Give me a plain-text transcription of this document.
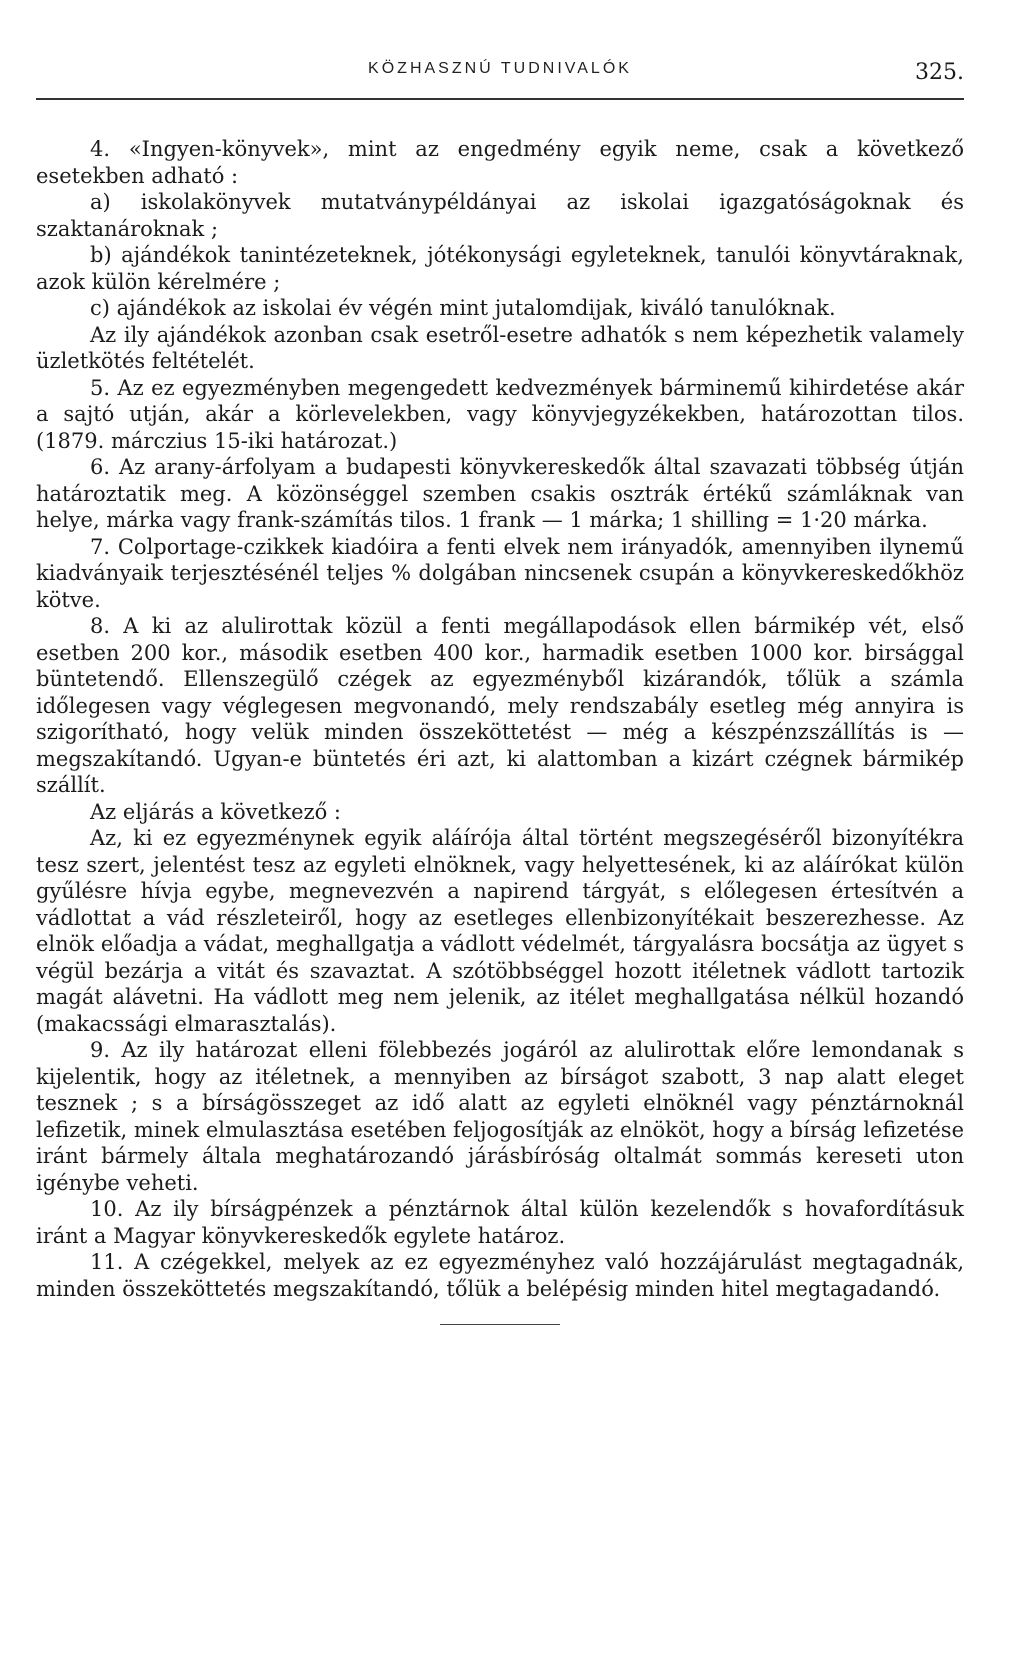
KÖZHASZNÚ TUDNIVALÓK	325.

4. «Ingyen-könyvek», mint az engedmény egyik neme, csak a következő esetekben adható :

a) iskolakönyvek mutatványpéldányai az iskolai igazgatóságoknak és szaktanároknak ;

b) ajándékok tanintézeteknek, jótékonysági egyleteknek, tanulói könyvtáraknak, azok külön kérelmére ;

c) ajándékok az iskolai év végén mint jutalomdijak, kiváló tanulóknak.

Az ily ajándékok azonban csak esetről-esetre adhatók s nem képezhetik valamely üzletkötés feltételét.

5. Az ez egyezményben megengedett kedvezmények bárminemű kihirdetése akár a sajtó utján, akár a körlevelekben, vagy könyvjegyzékekben, határozottan tilos. (1879. márczius 15-iki határozat.)

6. Az arany-árfolyam a budapesti könyvkereskedők által szavazati többség útján határoztatik meg. A közönséggel szemben csakis osztrák értékű számláknak van helye, márka vagy frank-számítás tilos. 1 frank — 1 márka; 1 shilling = 1·20 márka.

7. Colportage-czikkek kiadóira a fenti elvek nem irányadók, amennyiben ilynemű kiadványaik terjesztésénél teljes % dolgában nincsenek csupán a könyvkereskedőkhöz kötve.

8. A ki az alulirottak közül a fenti megállapodások ellen bármikép vét, első esetben 200 kor., második esetben 400 kor., harmadik esetben 1000 kor. birsággal büntetendő. Ellenszegülő czégek az egyezményből kizárandók, tőlük a számla időlegesen vagy véglegesen megvonandó, mely rendszabály esetleg még annyira is szigorítható, hogy velük minden összeköttetést — még a készpénzszállítás is — megszakítandó. Ugyan-e büntetés éri azt, ki alattomban a kizárt czégnek bármikép szállít.

Az eljárás a következő :

Az, ki ez egyezménynek egyik aláírója által történt megszegéséről bizonyítékra tesz szert, jelentést tesz az egyleti elnöknek, vagy helyettesének, ki az aláírókat külön gyűlésre hívja egybe, megnevezvén a napirend tárgyát, s előlegesen értesítvén a vádlottat a vád részleteiről, hogy az esetleges ellenbizonyítékait beszerezhesse. Az elnök előadja a vádat, meghallgatja a vádlott védelmét, tárgyalásra bocsátja az ügyet s végül bezárja a vitát és szavaztat. A szótöbbséggel hozott itéletnek vádlott tartozik magát alávetni. Ha vádlott meg nem jelenik, az itélet meghallgatása nélkül hozandó (makacssági elmarasztalás).

9. Az ily határozat elleni fölebbezés jogáról az alulirottak előre lemondanak s kijelentik, hogy az itéletnek, a mennyiben az bírságot szabott, 3 nap alatt eleget tesznek ; s a bírságösszeget az idő alatt az egyleti elnöknél vagy pénztárnoknál lefizetik, minek elmulasztása esetében feljogosítják az elnököt, hogy a bírság lefizetése iránt bármely általa meghatározandó járásbíróság oltalmát sommás kereseti uton igénybe veheti.

10. Az ily bírságpénzek a pénztárnok által külön kezelendők s hovafordításuk iránt a Magyar könyvkereskedők egylete határoz.

11. A czégekkel, melyek az ez egyezményhez való hozzájárulást megtagadnák, minden összeköttetés megszakítandó, tőlük a belépésig minden hitel megtagadandó.
